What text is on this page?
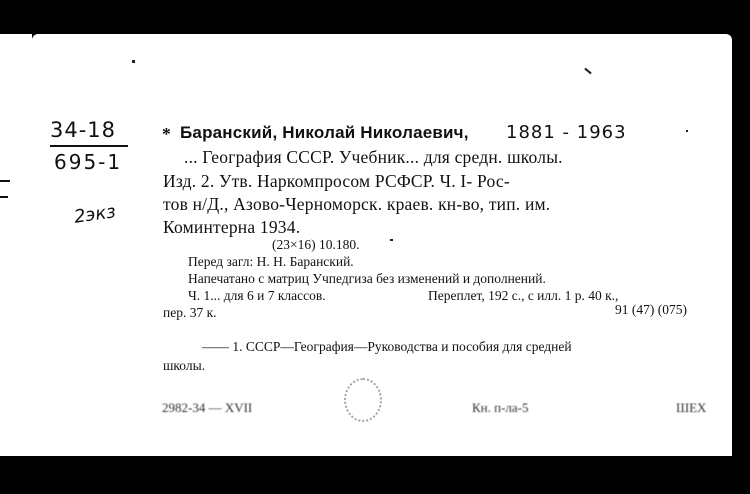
34-18
695-1
2экз
* Баранский, Николай Николаевич, 1881 - 1963
... География СССР. Учебник... для средн. школы.
Изд. 2. Утв. Наркомпросом РСФСР. Ч. I- Рос-
тов н/Д., Азово-Черноморск. краев. кн-во, тип. им.
Коминтерна 1934.
(23×16) 10.180.
Перед загл: Н. Н. Баранский.
Напечатано с матриц Учпедгиза без изменений и дополнений.
Ч. 1... для 6 и 7 классов.	Переплет, 192 с., с илл. 1 р. 40 к.,
пер. 37 к.	91 (47) (075)
—— 1. СССР—География—Руководства и пособия для средней
школы.
2982-34 — XVII	Кн. п-ла-5	ШЕХ
